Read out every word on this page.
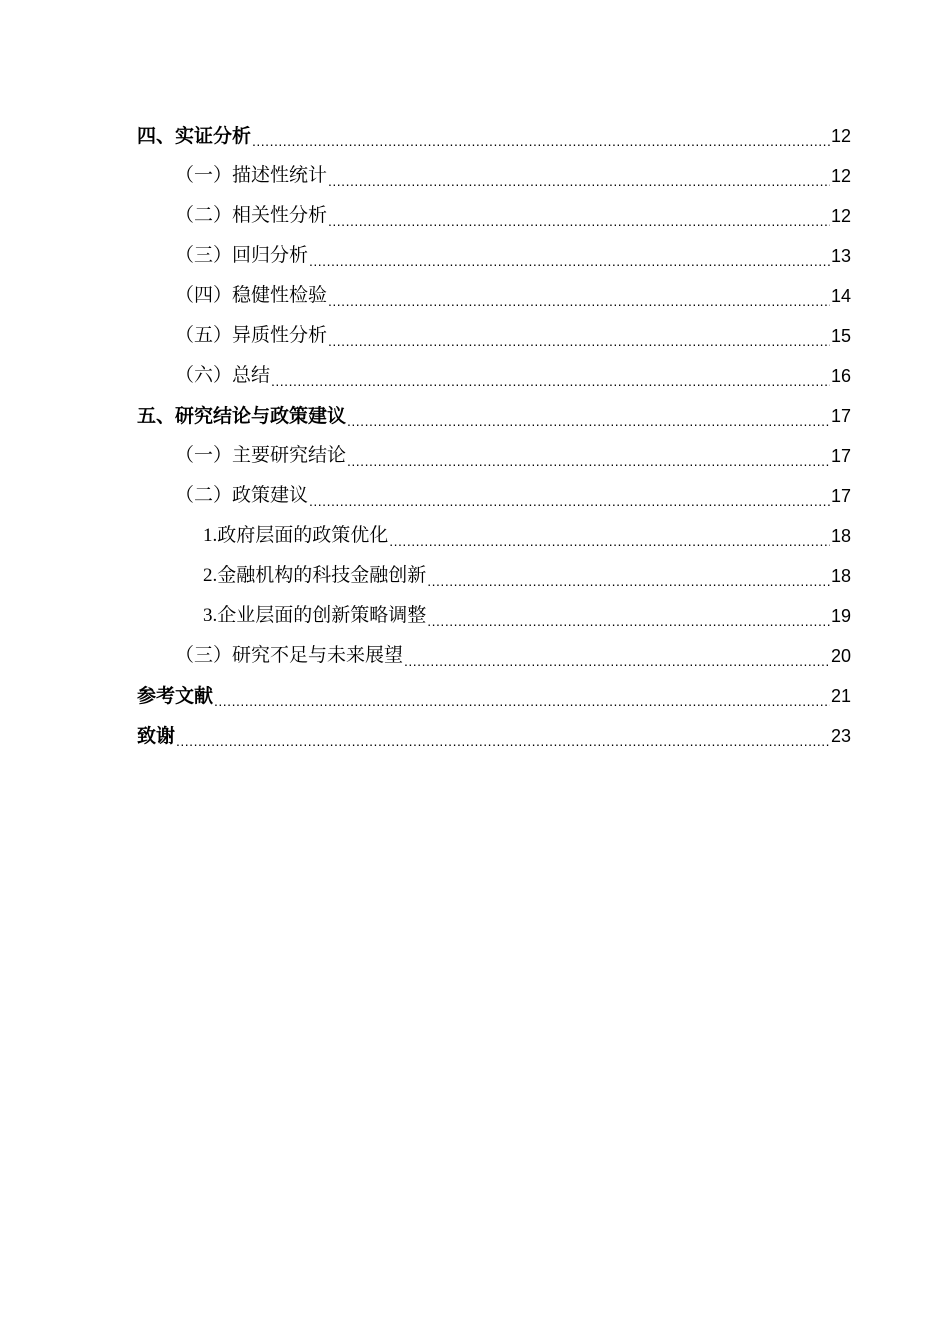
四、实证分析 .....	12
（一）描述性统计 .....	12
（二）相关性分析 .....	12
（三）回归分析 .....	13
（四）稳健性检验 .....	14
（五）异质性分析 .....	15
（六）总结 .....	16
五、研究结论与政策建议 .....	17
（一）主要研究结论 .....	17
（二）政策建议 .....	17
1.政府层面的政策优化 .....	18
2.金融机构的科技金融创新 .....	18
3.企业层面的创新策略调整 .....	19
（三）研究不足与未来展望 .....	20
参考文献 .....	21
致谢 .....	23
